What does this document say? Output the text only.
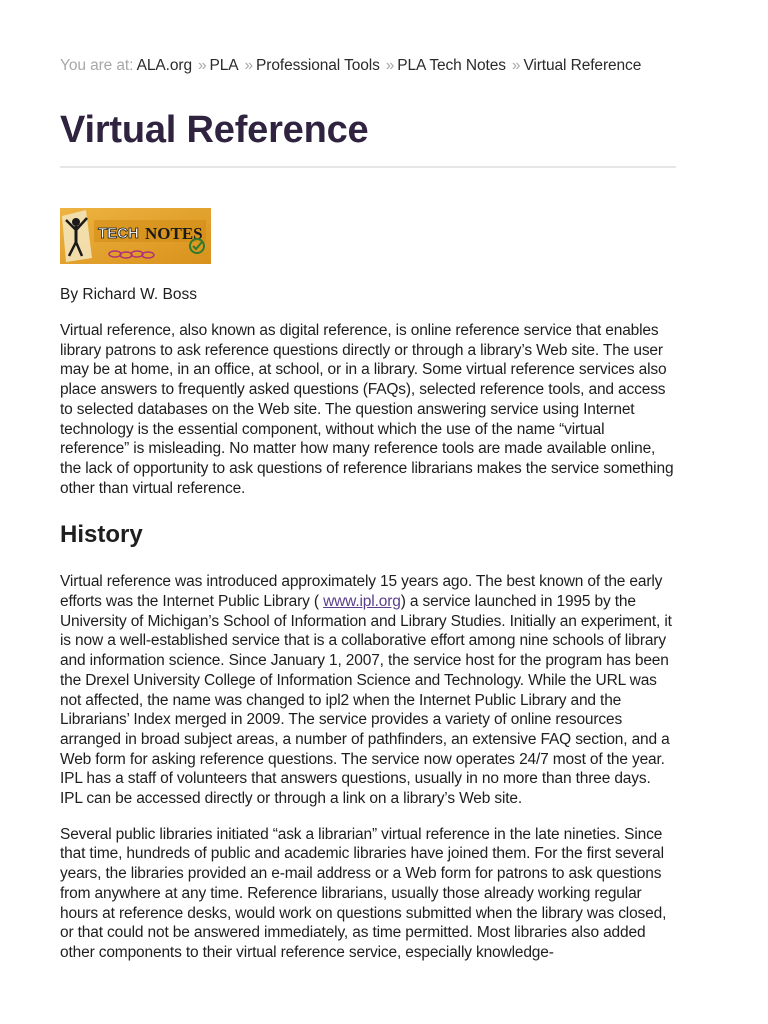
You are at: ALA.org » PLA » Professional Tools » PLA Tech Notes » Virtual Reference
Virtual Reference
TECH NOTES
By Richard W. Boss

Virtual reference, also known as digital reference, is online reference service that enables library patrons to ask reference questions directly or through a library’s Web site. The user may be at home, in an office, at school, or in a library. Some virtual reference services also place answers to frequently asked questions (FAQs), selected reference tools, and access to selected databases on the Web site. The question answering service using Internet technology is the essential component, without which the use of the name “virtual reference” is misleading. No matter how many reference tools are made available online, the lack of opportunity to ask questions of reference librarians makes the service something other than virtual reference.

History

Virtual reference was introduced approximately 15 years ago. The best known of the early efforts was the Internet Public Library ( www.ipl.org) a service launched in 1995 by the University of Michigan’s School of Information and Library Studies. Initially an experiment, it is now a well-established service that is a collaborative effort among nine schools of library and information science. Since January 1, 2007, the service host for the program has been the Drexel University College of Information Science and Technology. While the URL was not affected, the name was changed to ipl2 when the Internet Public Library and the Librarians’ Index merged in 2009. The service provides a variety of online resources arranged in broad subject areas, a number of pathfinders, an extensive FAQ section, and a Web form for asking reference questions. The service now operates 24/7 most of the year. IPL has a staff of volunteers that answers questions, usually in no more than three days. IPL can be accessed directly or through a link on a library’s Web site.

Several public libraries initiated “ask a librarian” virtual reference in the late nineties. Since that time, hundreds of public and academic libraries have joined them. For the first several years, the libraries provided an e-mail address or a Web form for patrons to ask questions from anywhere at any time. Reference librarians, usually those already working regular hours at reference desks, would work on questions submitted when the library was closed, or that could not be answered immediately, as time permitted. Most libraries also added other components to their virtual reference service, especially knowledge-
